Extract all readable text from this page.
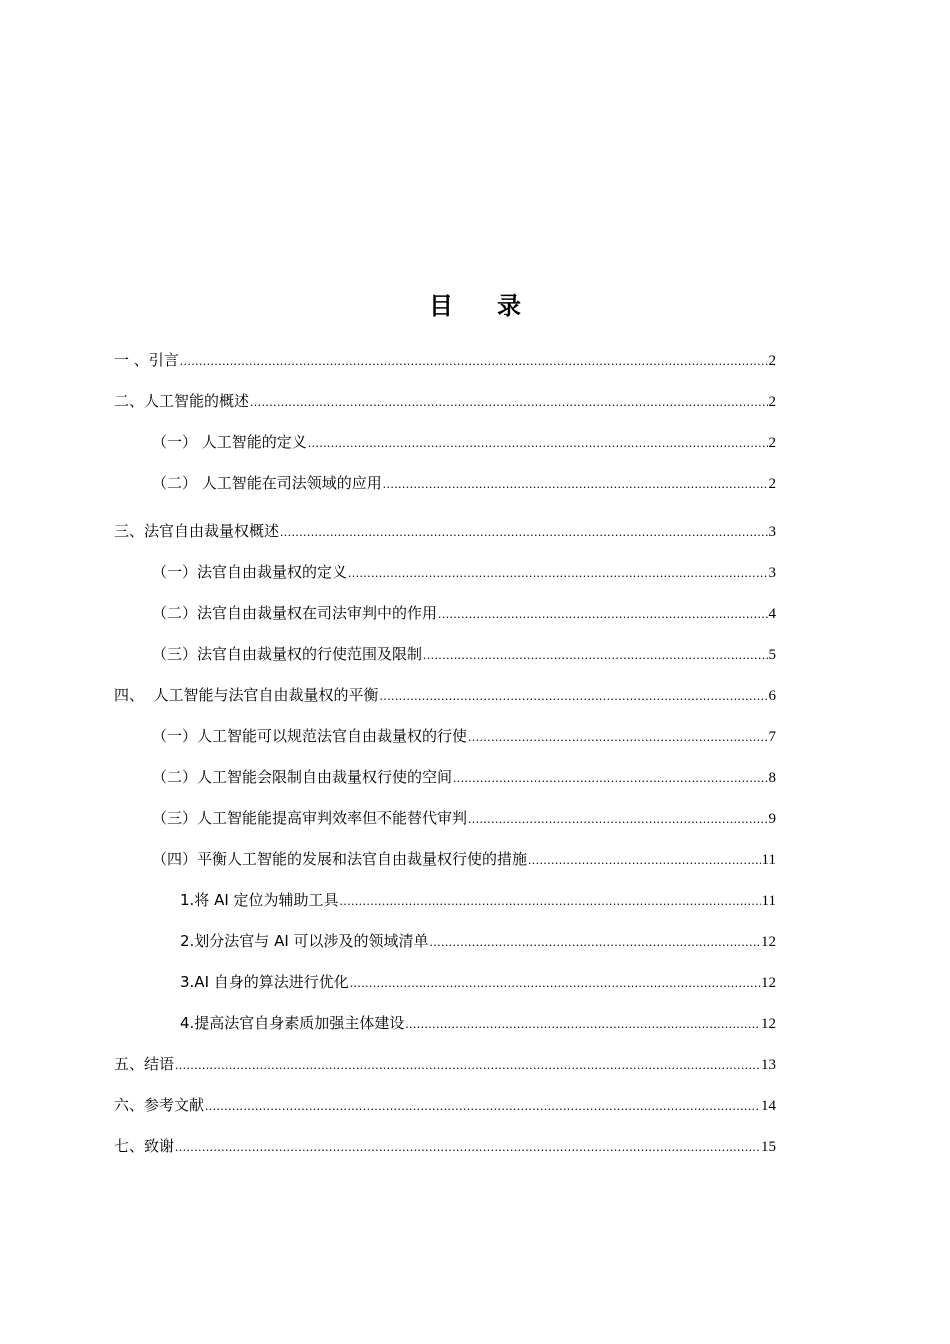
目 录
一 、引言 .....	2
二、人工智能的概述 .....	2
（一） 人工智能的定义 .....	2
（二） 人工智能在司法领域的应用 .....	2
三、法官自由裁量权概述 .....	3
（一）法官自由裁量权的定义 .....	3
（二）法官自由裁量权在司法审判中的作用 .....	4
（三）法官自由裁量权的行使范围及限制 .....	5
四、  人工智能与法官自由裁量权的平衡 .....	6
（一）人工智能可以规范法官自由裁量权的行使 .....	7
（二）人工智能会限制自由裁量权行使的空间 .....	8
（三）人工智能能提高审判效率但不能替代审判 .....	9
（四）平衡人工智能的发展和法官自由裁量权行使的措施 .....	11
1.将 AI 定位为辅助工具 .....	11
2.划分法官与 AI 可以涉及的领域清单 .....	12
3.AI 自身的算法进行优化 .....	12
4.提高法官自身素质加强主体建设 .....	12
五、结语 .....	13
六、参考文献 .....	14
七、致谢 .....	15
